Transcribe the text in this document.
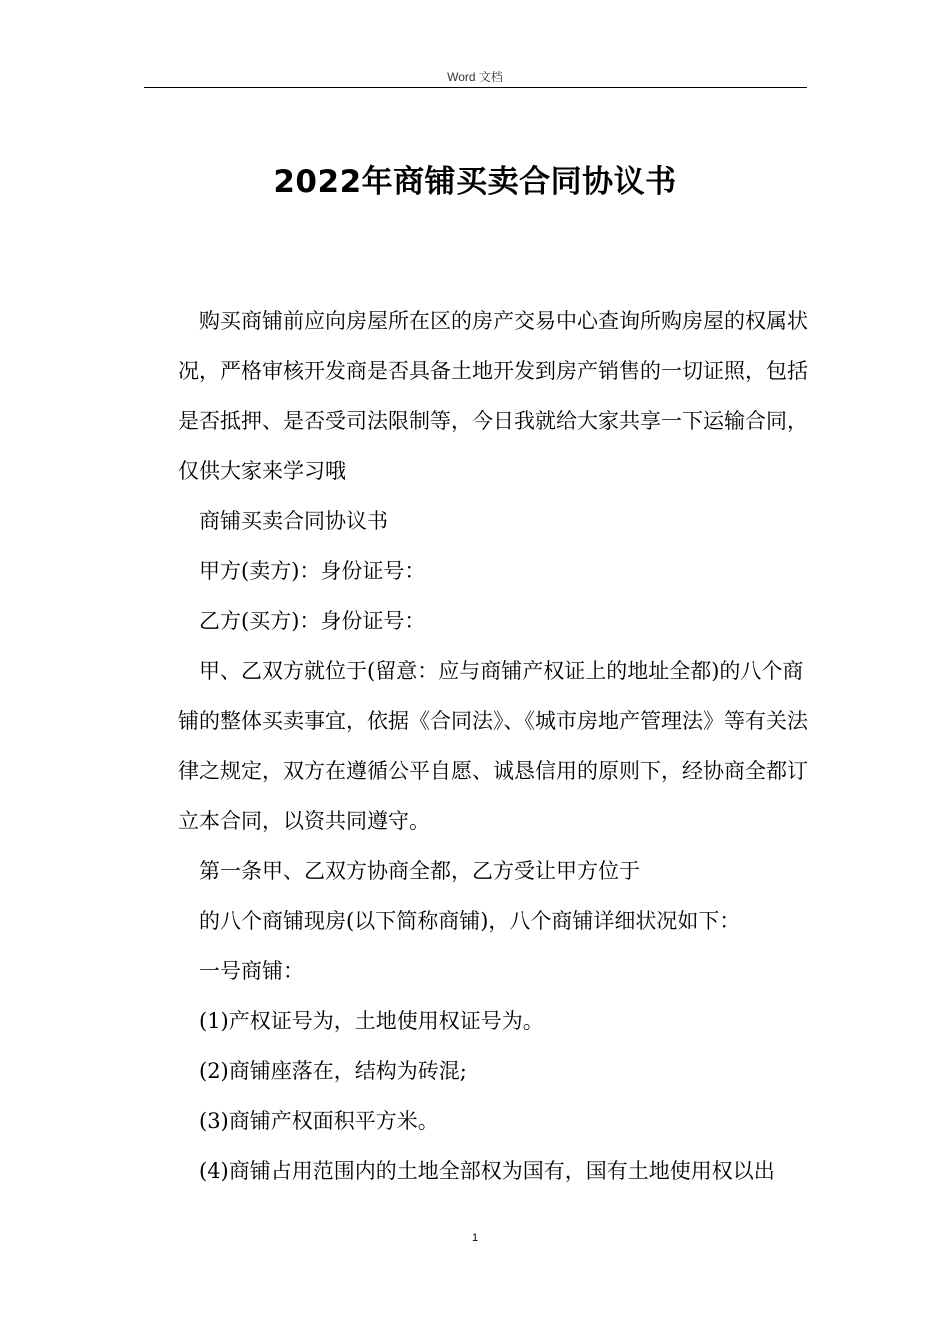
Word 文档
2022年商铺买卖合同协议书

购买商铺前应向房屋所在区的房产交易中心查询所购房屋的权属状况，严格审核开发商是否具备土地开发到房产销售的一切证照，包括是否抵押、是否受司法限制等，今日我就给大家共享一下运输合同，仅供大家来学习哦

商铺买卖合同协议书

甲方(卖方)：身份证号：

乙方(买方)：身份证号：

甲、乙双方就位于(留意：应与商铺产权证上的地址全都)的八个商铺的整体买卖事宜，依据《合同法》、《城市房地产管理法》等有关法律之规定，双方在遵循公平自愿、诚恳信用的原则下，经协商全都订立本合同，以资共同遵守。

第一条甲、乙双方协商全都，乙方受让甲方位于

的八个商铺现房(以下简称商铺)，八个商铺详细状况如下：

一号商铺：

(1)产权证号为，土地使用权证号为。

(2)商铺座落在，结构为砖混;

(3)商铺产权面积平方米。

(4)商铺占用范围内的土地全部权为国有，国有土地使用权以出

1
